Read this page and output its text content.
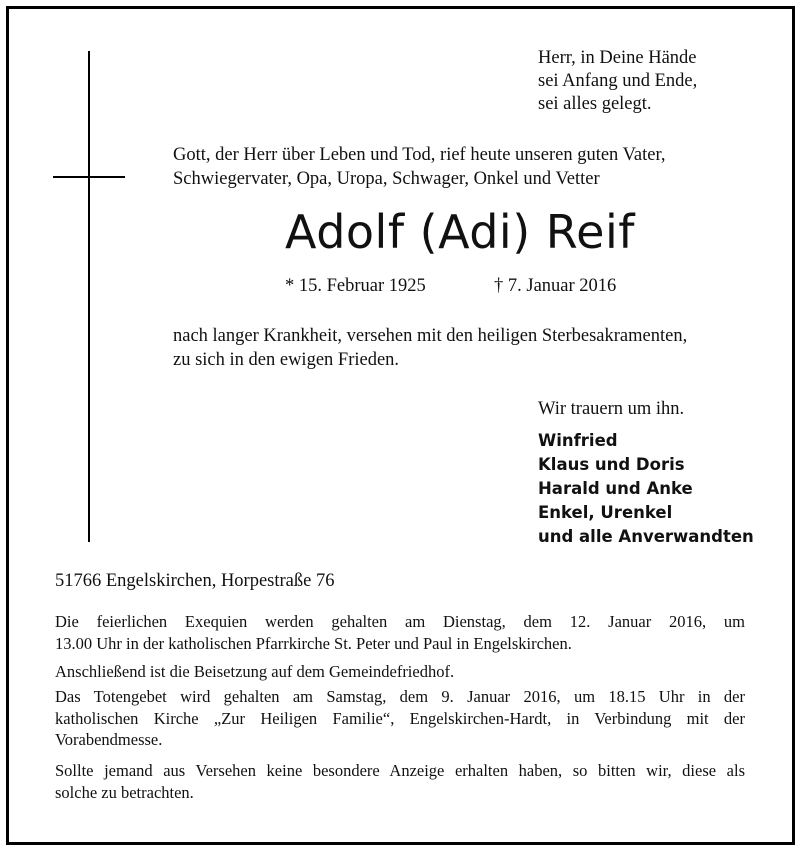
Herr, in Deine Hände
sei Anfang und Ende,
sei alles gelegt.
Gott, der Herr über Leben und Tod, rief heute unseren guten Vater,
Schwiegervater, Opa, Uropa, Schwager, Onkel und Vetter
Adolf (Adi) Reif
* 15. Februar 1925	† 7. Januar 2016
nach langer Krankheit, versehen mit den heiligen Sterbesakramenten,
zu sich in den ewigen Frieden.
Wir trauern um ihn.
Winfried
Klaus und Doris
Harald und Anke
Enkel, Urenkel
und alle Anverwandten
51766 Engelskirchen, Horpestraße 76
Die feierlichen Exequien werden gehalten am Dienstag, dem 12. Januar 2016, um
13.00 Uhr in der katholischen Pfarrkirche St. Peter und Paul in Engelskirchen.
Anschließend ist die Beisetzung auf dem Gemeindefriedhof.
Das Totengebet wird gehalten am Samstag, dem 9. Januar 2016, um 18.15 Uhr in der
katholischen Kirche „Zur Heiligen Familie“, Engelskirchen-Hardt, in Verbindung mit der
Vorabendmesse.
Sollte jemand aus Versehen keine besondere Anzeige erhalten haben, so bitten wir, diese als
solche zu betrachten.
